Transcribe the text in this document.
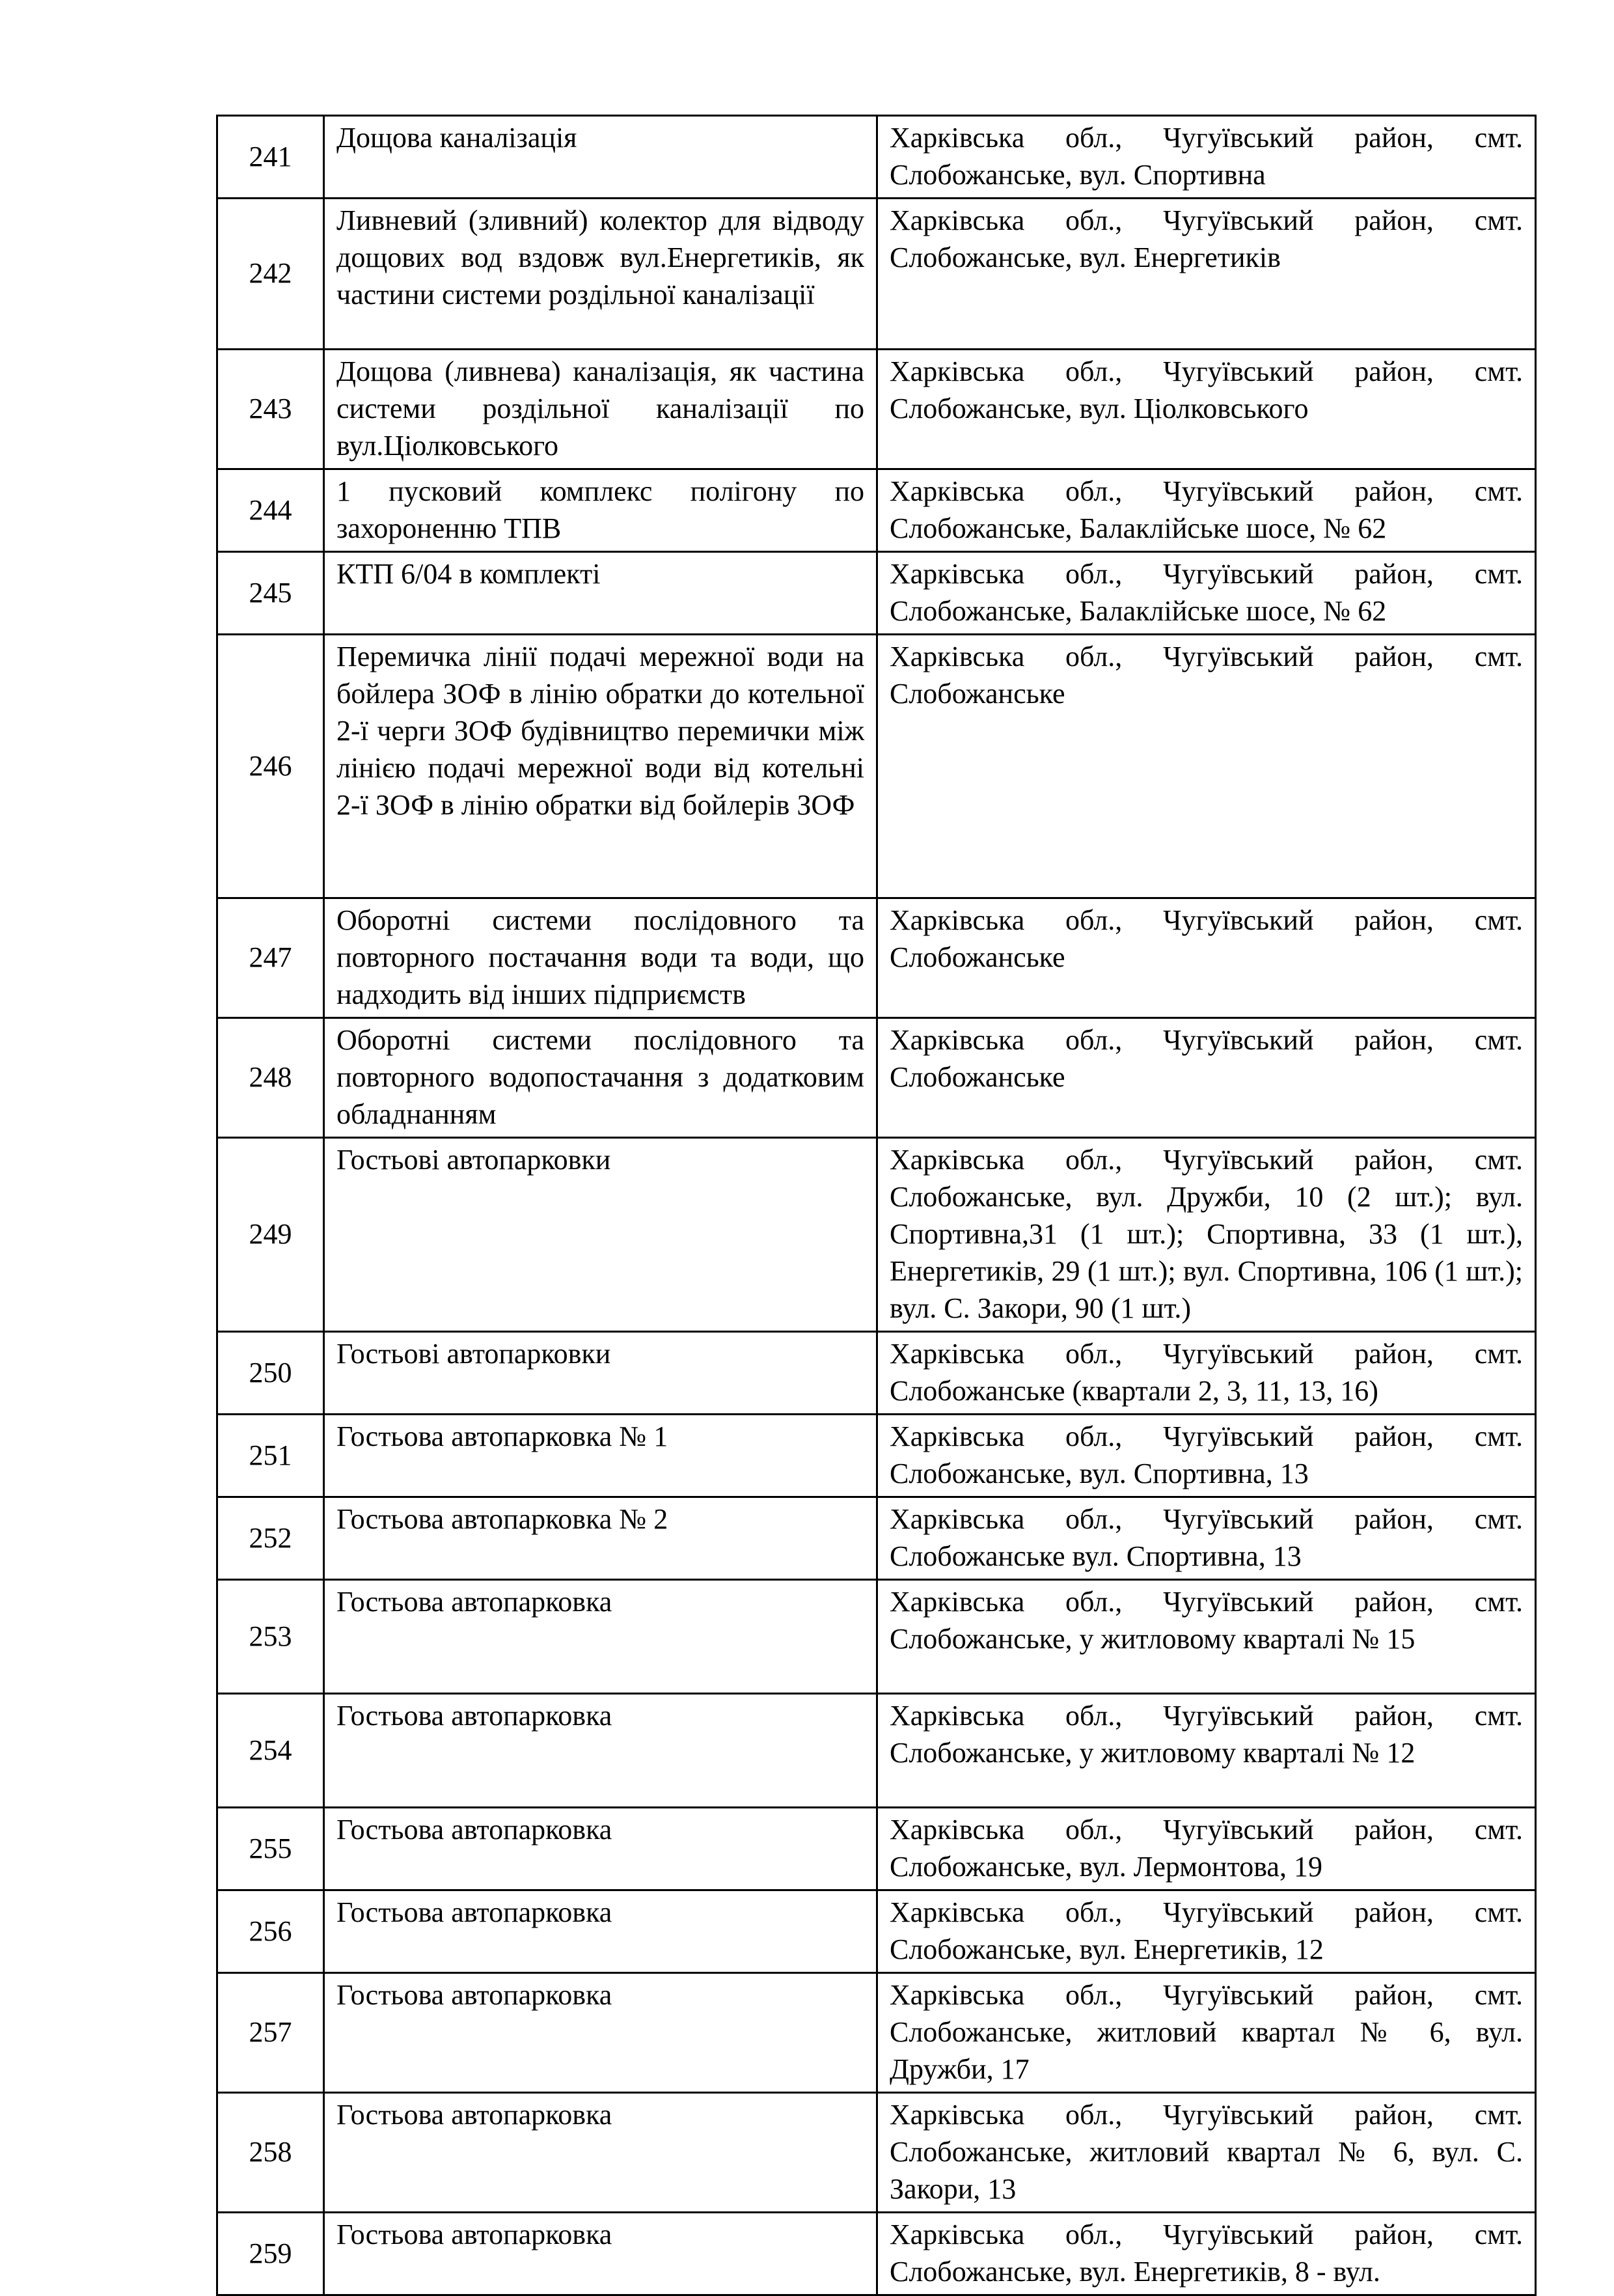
241	Дощова каналізація	Харківська обл., Чугуївський район, смт. Слобожанське, вул. Спортивна
242	Ливневий (зливний) колектор для відводу дощових вод вздовж вул.Енергетиків, як частини системи роздільної каналізації	Харківська обл., Чугуївський район, смт. Слобожанське, вул. Енергетиків
243	Дощова (ливнева) каналізація, як частина системи роздільної каналізації по вул.Ціолковського	Харківська обл., Чугуївський район, смт. Слобожанське, вул. Ціолковського
244	1 пусковий комплекс полігону по захороненню ТПВ	Харківська обл., Чугуївський район, смт. Слобожанське, Балаклійське шосе, № 62
245	КТП 6/04 в комплекті	Харківська обл., Чугуївський район, смт. Слобожанське, Балаклійське шосе, № 62
246	Перемичка лінії подачі мережної води на бойлера ЗОФ в лінію обратки до котельної 2-ї черги ЗОФ будівництво перемички між лінією подачі мережної води від котельні 2-ї ЗОФ в лінію обратки від бойлерів ЗОФ	Харківська обл., Чугуївський район, смт. Слобожанське
247	Оборотні системи послідовного та повторного постачання води та води, що надходить від інших підприємств	Харківська обл., Чугуївський район, смт. Слобожанське
248	Оборотні системи послідовного та повторного водопостачання з додатковим обладнанням	Харківська обл., Чугуївський район, смт. Слобожанське
249	Гостьові автопарковки	Харківська обл., Чугуївський район, смт. Слобожанське, вул. Дружби, 10 (2 шт.); вул. Спортивна,31 (1 шт.); Спортивна, 33 (1 шт.), Енергетиків, 29 (1 шт.); вул. Спортивна, 106 (1 шт.); вул. С. Закори, 90 (1 шт.)
250	Гостьові автопарковки	Харківська обл., Чугуївський район, смт. Слобожанське (квартали 2, 3, 11, 13, 16)
251	Гостьова автопарковка № 1	Харківська обл., Чугуївський район, смт. Слобожанське, вул. Спортивна, 13
252	Гостьова автопарковка № 2	Харківська обл., Чугуївський район, смт. Слобожанське вул. Спортивна, 13
253	Гостьова автопарковка	Харківська обл., Чугуївський район, смт. Слобожанське, у житловому кварталі № 15
254	Гостьова автопарковка	Харківська обл., Чугуївський район, смт. Слобожанське, у житловому кварталі № 12
255	Гостьова автопарковка	Харківська обл., Чугуївський район, смт. Слобожанське, вул. Лермонтова, 19
256	Гостьова автопарковка	Харківська обл., Чугуївський район, смт. Слобожанське, вул. Енергетиків, 12
257	Гостьова автопарковка	Харківська обл., Чугуївський район, смт. Слобожанське, житловий квартал № 6, вул. Дружби, 17
258	Гостьова автопарковка	Харківська обл., Чугуївський район, смт. Слобожанське, житловий квартал № 6, вул. С. Закори, 13
259	Гостьова автопарковка	Харківська обл., Чугуївський район, смт. Слобожанське, вул. Енергетиків, 8 - вул.
